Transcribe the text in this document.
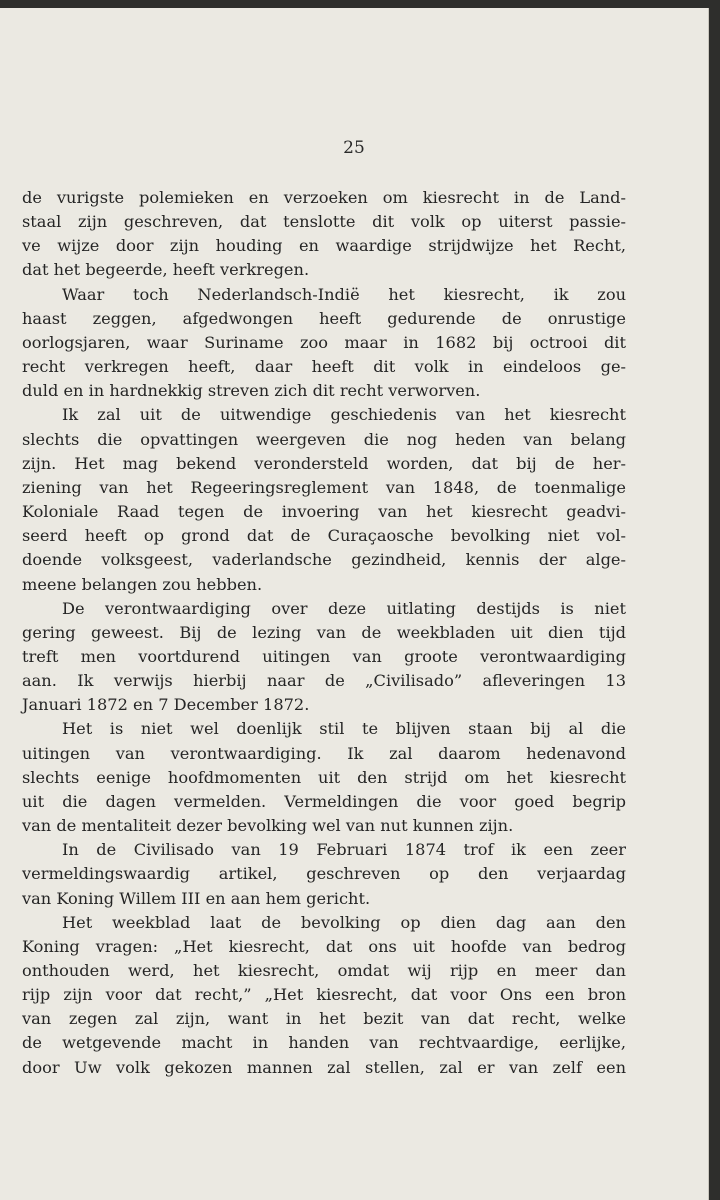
25
de vurigste polemieken en verzoeken om kiesrecht in de Land-
staal zijn geschreven, dat tenslotte dit volk op uiterst passie-
ve wijze door zijn houding en waardige strijdwijze het Recht,
dat het begeerde, heeft verkregen.
Waar toch Nederlandsch-Indië het kiesrecht, ik zou
haast zeggen, afgedwongen heeft gedurende de onrustige
oorlogsjaren, waar Suriname zoo maar in 1682 bij octrooi dit
recht verkregen heeft, daar heeft dit volk in eindeloos ge-
duld en in hardnekkig streven zich dit recht verworven.
Ik zal uit de uitwendige geschiedenis van het kiesrecht
slechts die opvattingen weergeven die nog heden van belang
zijn. Het mag bekend verondersteld worden, dat bij de her-
ziening van het Regeeringsreglement van 1848, de toenmalige
Koloniale Raad tegen de invoering van het kiesrecht geadvi-
seerd heeft op grond dat de Curaçaosche bevolking niet vol-
doende volksgeest, vaderlandsche gezindheid, kennis der alge-
meene belangen zou hebben.
De verontwaardiging over deze uitlating destijds is niet
gering geweest. Bij de lezing van de weekbladen uit dien tijd
treft men voortdurend uitingen van groote verontwaardiging
aan. Ik verwijs hierbij naar de „Civilisado” afleveringen 13
Januari 1872 en 7 December 1872.
Het is niet wel doenlijk stil te blijven staan bij al die
uitingen van verontwaardiging. Ik zal daarom hedenavond
slechts eenige hoofdmomenten uit den strijd om het kiesrecht
uit die dagen vermelden. Vermeldingen die voor goed begrip
van de mentaliteit dezer bevolking wel van nut kunnen zijn.
In de Civilisado van 19 Februari 1874 trof ik een zeer
vermeldingswaardig artikel, geschreven op den verjaardag
van Koning Willem III en aan hem gericht.
Het weekblad laat de bevolking op dien dag aan den
Koning vragen: „Het kiesrecht, dat ons uit hoofde van bedrog
onthouden werd, het kiesrecht, omdat wij rijp en meer dan
rijp zijn voor dat recht,” „Het kiesrecht, dat voor Ons een bron
van zegen zal zijn, want in het bezit van dat recht, welke
de wetgevende macht in handen van rechtvaardige, eerlijke,
door Uw volk gekozen mannen zal stellen, zal er van zelf een
